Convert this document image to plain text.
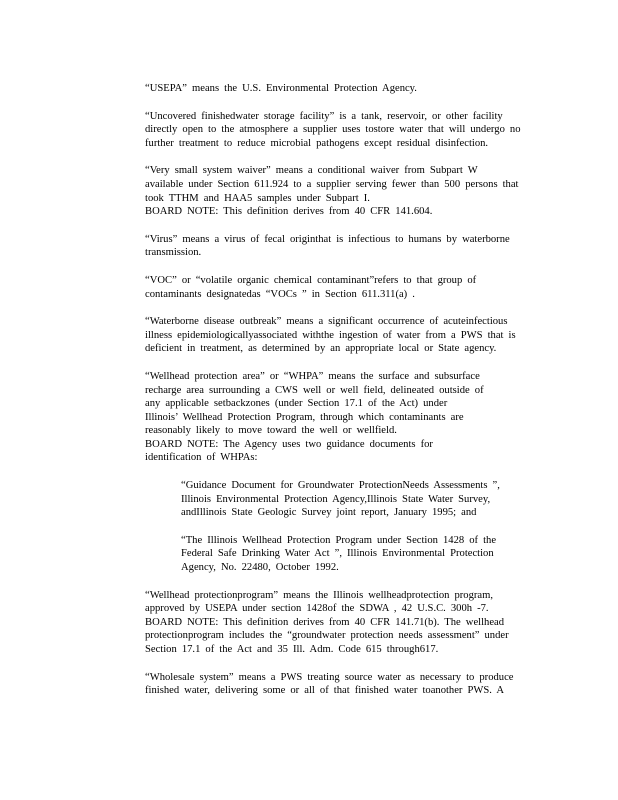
“USEPA” means the U.S. Environmental Protection Agency.
“Uncovered finishedwater storage facility” is a tank, reservoir, or other facility
directly open to the atmosphere a supplier uses tostore water that will undergo no
further treatment to reduce microbial pathogens except residual disinfection.
“Very small system waiver” means a conditional waiver from Subpart W
available under Section 611.924 to a supplier serving fewer than 500 persons that
took TTHM and HAA5 samples under Subpart I.
BOARD NOTE: This definition derives from 40 CFR 141.604.
“Virus” means a virus of fecal originthat is infectious to humans by waterborne
transmission.
“VOC” or “volatile organic chemical contaminant”refers to that group of
contaminants designatedas “VOCs ” in Section 611.311(a) .
“Waterborne disease outbreak” means a significant occurrence of acuteinfectious
illness epidemiologicallyassociated withthe ingestion of water from a PWS that is
deficient in treatment, as determined by an appropriate local or State agency.
“Wellhead protection area” or “WHPA” means the surface and subsurface
recharge area surrounding a CWS well or well field, delineated outside of
any applicable setbackzones (under Section 17.1 of the Act) under
Illinois’ Wellhead Protection Program, through which contaminants are
reasonably likely to move toward the well or wellfield.
BOARD NOTE: The Agency uses two guidance documents for
identification of WHPAs:
“Guidance Document for Groundwater ProtectionNeeds Assessments ”,
Illinois Environmental Protection Agency,Illinois State Water Survey,
andIllinois State Geologic Survey joint report, January 1995; and
“The Illinois Wellhead Protection Program under Section 1428 of the
Federal Safe Drinking Water Act ”, Illinois Environmental Protection
Agency, No. 22480, October 1992.
“Wellhead protectionprogram” means the Illinois wellheadprotection program,
approved by USEPA under section 1428of the SDWA , 42 U.S.C. 300h -7.
BOARD NOTE: This definition derives from 40 CFR 141.71(b). The wellhead
protectionprogram includes the “groundwater protection needs assessment” under
Section 17.1 of the Act and 35 Ill. Adm. Code 615 through617.
“Wholesale system” means a PWS treating source water as necessary to produce
finished water, delivering some or all of that finished water toanother PWS. A
